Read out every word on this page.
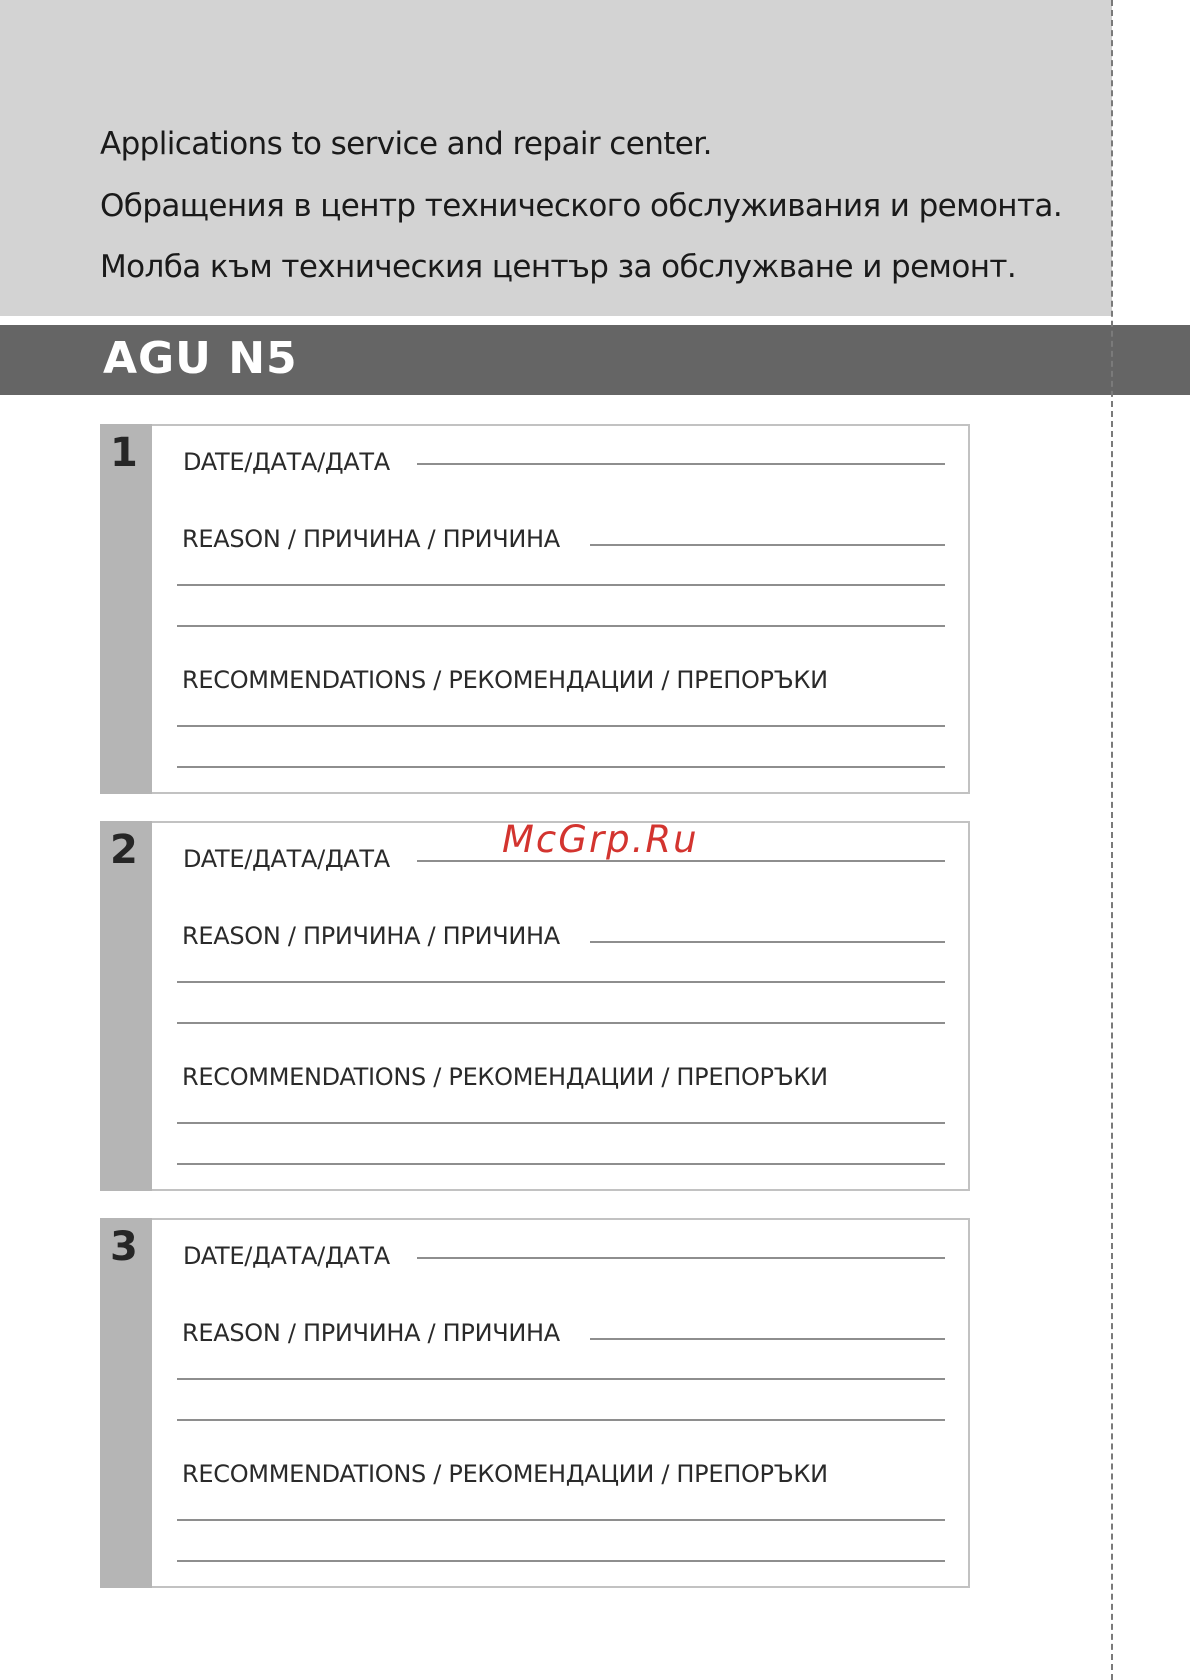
Applications to service and repair center.

Обращения в центр технического обслуживания и ремонта.

Молба към техническия център за обслужване и ремонт.

AGU N5

1 DATE/ДАТА/ДАТА
REASON / ПРИЧИНА / ПРИЧИНА
RECOMMENDATIONS / РЕКОМЕНДАЦИИ / ПРЕПОРЪКИ
2 DATE/ДАТА/ДАТА
REASON / ПРИЧИНА / ПРИЧИНА
RECOMMENDATIONS / РЕКОМЕНДАЦИИ / ПРЕПОРЪКИ
3 DATE/ДАТА/ДАТА
REASON / ПРИЧИНА / ПРИЧИНА
RECOMMENDATIONS / РЕКОМЕНДАЦИИ / ПРЕПОРЪКИ

McGrp.Ru
